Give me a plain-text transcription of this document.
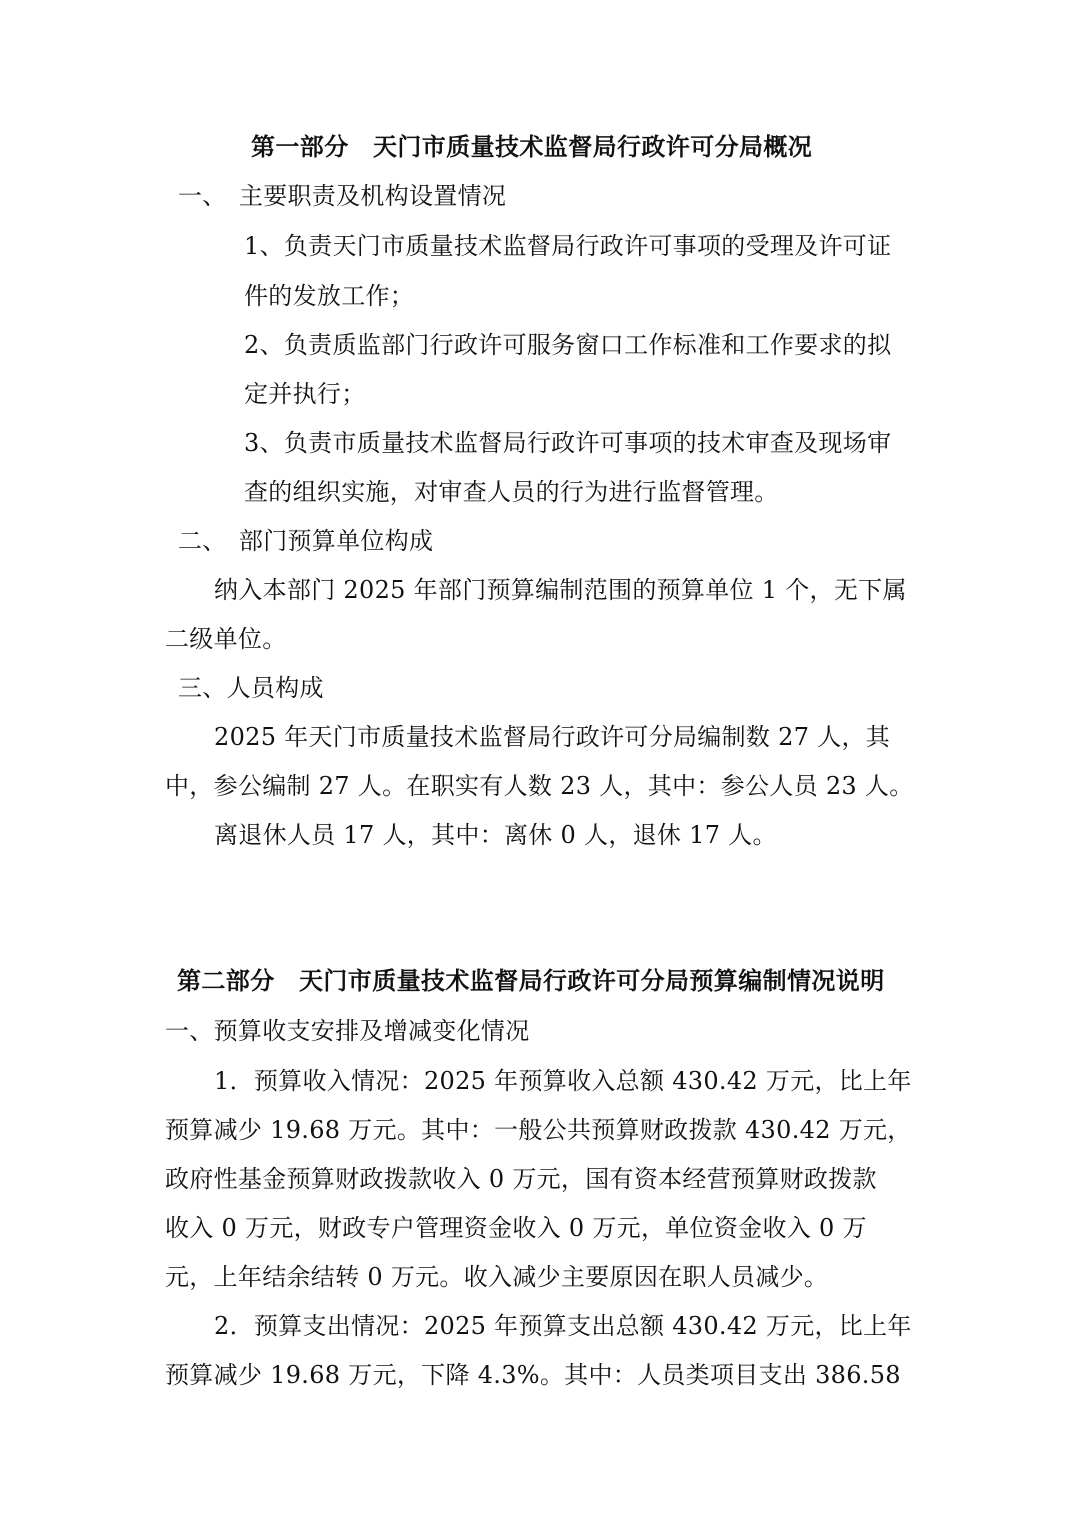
第一部分　天门市质量技术监督局行政许可分局概况
一、　主要职责及机构设置情况
1、负责天门市质量技术监督局行政许可事项的受理及许可证
件的发放工作；
2、负责质监部门行政许可服务窗口工作标准和工作要求的拟
定并执行；
3、负责市质量技术监督局行政许可事项的技术审查及现场审
查的组织实施，对审查人员的行为进行监督管理。
二、　部门预算单位构成
纳入本部门 2025 年部门预算编制范围的预算单位 1 个，无下属
二级单位。
三、人员构成
2025 年天门市质量技术监督局行政许可分局编制数 27 人，其
中，参公编制 27 人。在职实有人数 23 人，其中：参公人员 23 人。
离退休人员 17 人，其中：离休 0 人，退休 17 人。
第二部分　天门市质量技术监督局行政许可分局预算编制情况说明
一、预算收支安排及增减变化情况
1．预算收入情况：2025 年预算收入总额 430.42 万元，比上年
预算减少 19.68 万元。其中：一般公共预算财政拨款 430.42 万元，
政府性基金预算财政拨款收入 0 万元，国有资本经营预算财政拨款
收入 0 万元，财政专户管理资金收入 0 万元，单位资金收入 0 万
元，上年结余结转 0 万元。收入减少主要原因在职人员减少。
2．预算支出情况：2025 年预算支出总额 430.42 万元，比上年
预算减少 19.68 万元，下降 4.3%。其中：人员类项目支出 386.58
